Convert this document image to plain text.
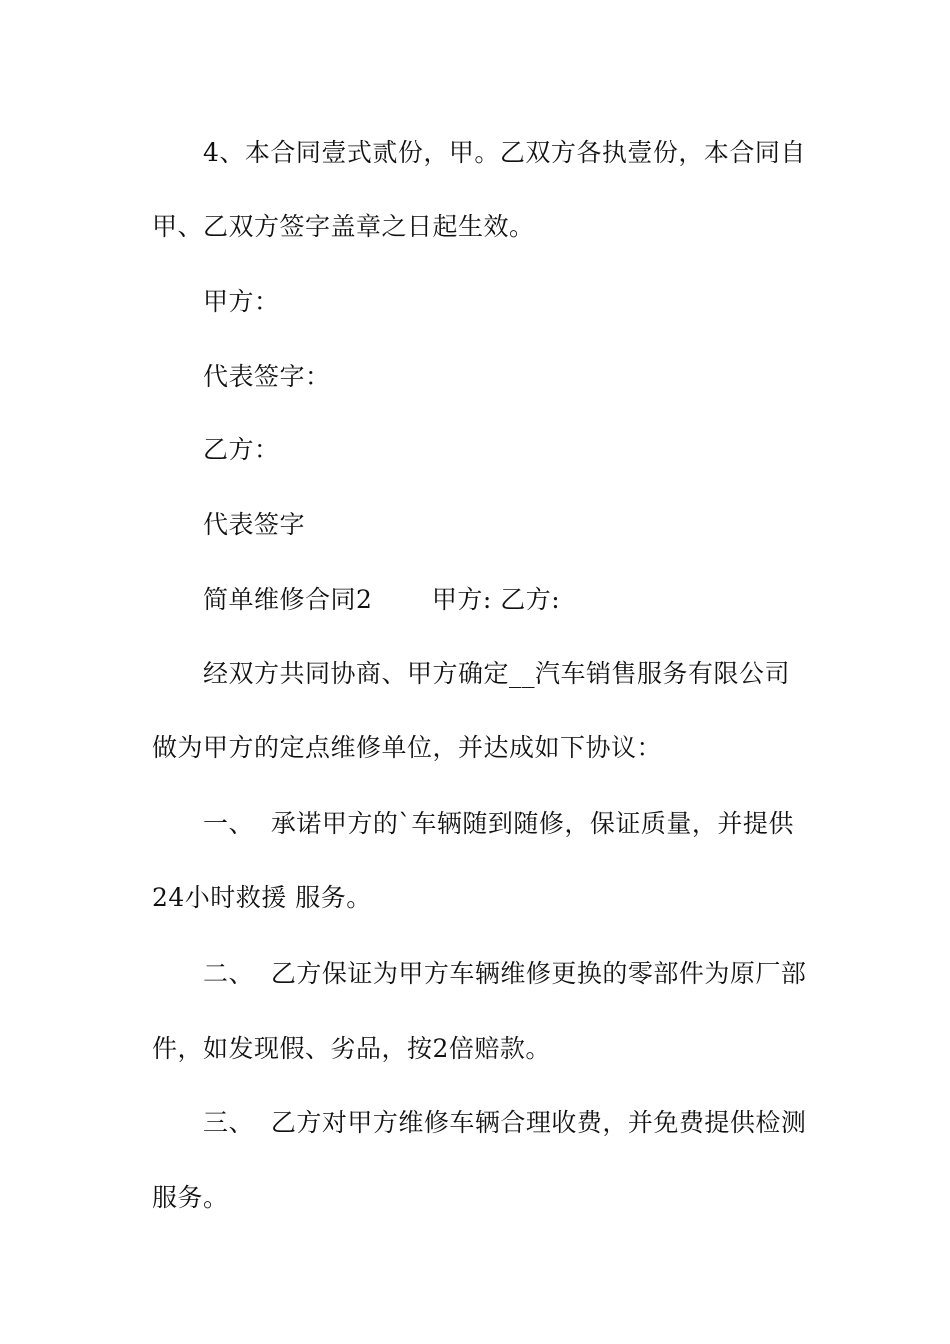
4、本合同壹式贰份，甲。乙双方各执壹份，本合同自
甲、乙双方签字盖章之日起生效。
甲方：
代表签字：
乙方：
代表签字
简单维修合同2　　 甲方: 乙方:
经双方共同协商、甲方确定__汽车销售服务有限公司
做为甲方的定点维修单位，并达成如下协议：
一、  承诺甲方的`车辆随到随修，保证质量，并提供
24小时救援 服务。
二、  乙方保证为甲方车辆维修更换的零部件为原厂部
件，如发现假、劣品，按2倍赔款。
三、  乙方对甲方维修车辆合理收费，并免费提供检测
服务。
